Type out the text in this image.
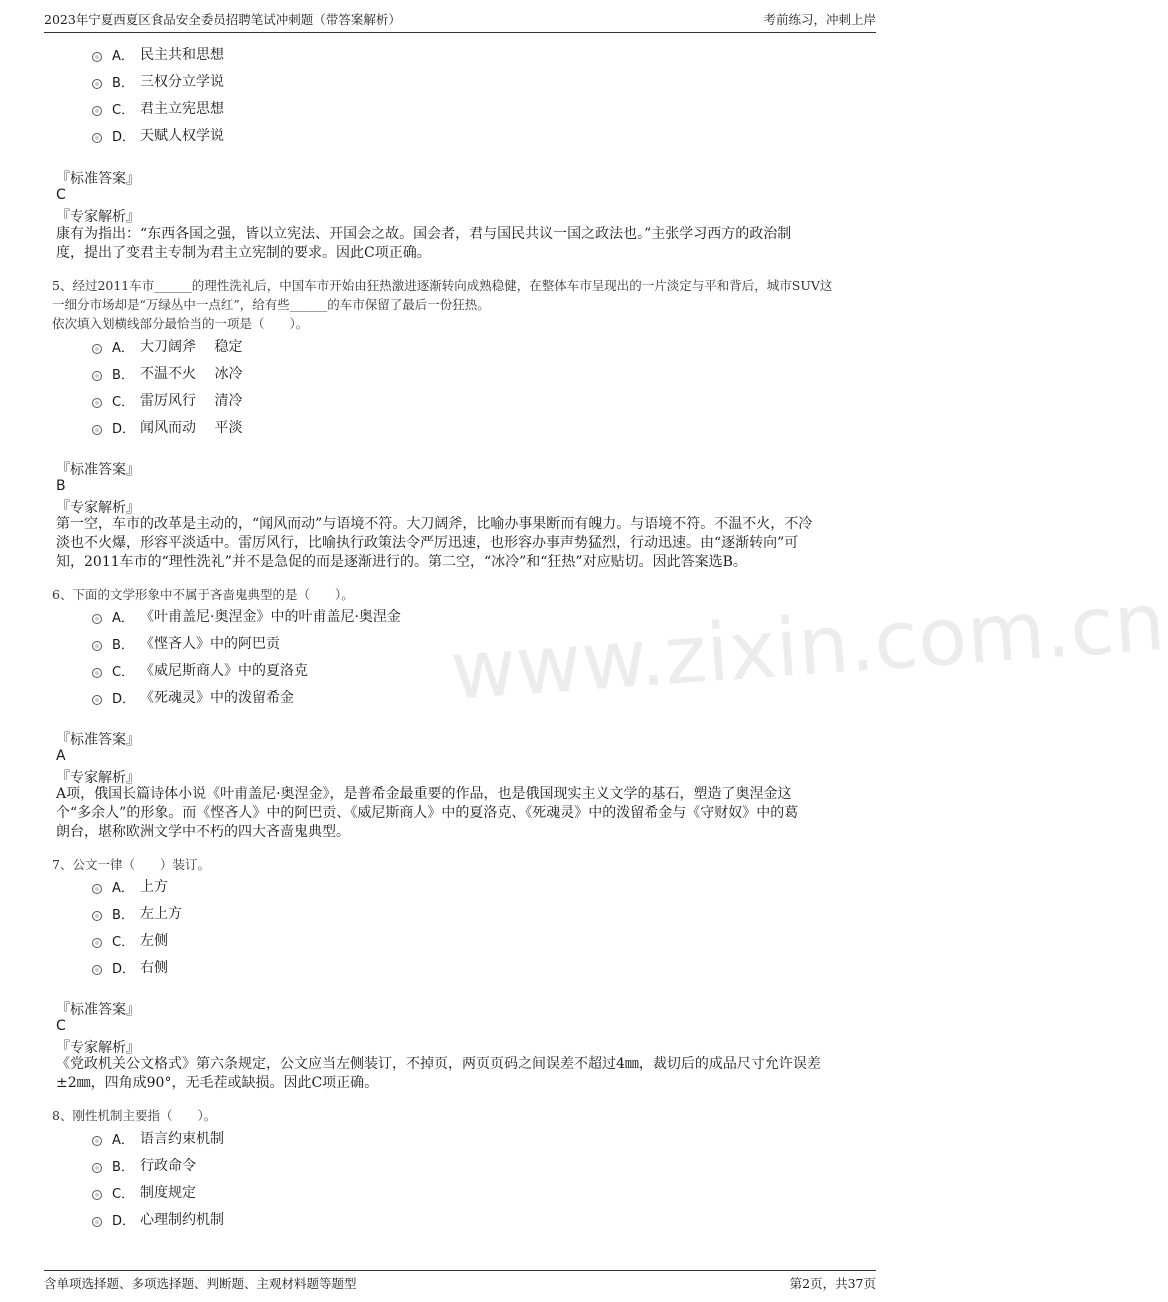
2023年宁夏西夏区食品安全委员招聘笔试冲刺题（带答案解析）	考前练习，冲刺上岸
www.zixin.com.cn
A． 民主共和思想
B． 三权分立学说
C． 君主立宪思想
D． 天赋人权学说
『标准答案』
C
『专家解析』
康有为指出：“东西各国之强，皆以立宪法、开国会之故。国会者，君与国民共议一国之政法也。”主张学习西方的政治制
度，提出了变君主专制为君主立宪制的要求。因此C项正确。
5、经过2011车市______的理性洗礼后，中国车市开始由狂热激进逐渐转向成熟稳健，在整体车市呈现出的一片淡定与平和背后，城市SUV这
一细分市场却是“万绿丛中一点红”，给有些______的车市保留了最后一份狂热。
依次填入划横线部分最恰当的一项是（　　）。
A． 大刀阔斧　 稳定
B． 不温不火　 冰冷
C． 雷厉风行　 清冷
D． 闻风而动　 平淡
『标准答案』
B
『专家解析』
第一空，车市的改革是主动的，“闻风而动”与语境不符。大刀阔斧，比喻办事果断而有魄力。与语境不符。不温不火，不冷
淡也不火爆，形容平淡适中。雷厉风行，比喻执行政策法令严厉迅速，也形容办事声势猛烈，行动迅速。由“逐渐转向”可
知，2011车市的“理性洗礼”并不是急促的而是逐渐进行的。第二空，“冰冷”和“狂热”对应贴切。因此答案选B。
6、下面的文学形象中不属于吝啬鬼典型的是（　　）。
A． 《叶甫盖尼·奥涅金》中的叶甫盖尼·奥涅金
B． 《悭吝人》中的阿巴贡
C． 《威尼斯商人》中的夏洛克
D． 《死魂灵》中的泼留希金
『标准答案』
A
『专家解析』
A项，俄国长篇诗体小说《叶甫盖尼·奥涅金》，是普希金最重要的作品，也是俄国现实主义文学的基石，塑造了奥涅金这
个“多余人”的形象。而《悭吝人》中的阿巴贡、《威尼斯商人》中的夏洛克、《死魂灵》中的泼留希金与《守财奴》中的葛
朗台，堪称欧洲文学中不朽的四大吝啬鬼典型。
7、公文一律（　　）装订。
A． 上方
B． 左上方
C． 左侧
D． 右侧
『标准答案』
C
『专家解析』
《党政机关公文格式》第六条规定，公文应当左侧装订，不掉页，两页页码之间误差不超过4㎜，裁切后的成品尺寸允许误差
±2㎜，四角成90°，无毛茬或缺损。因此C项正确。
8、刚性机制主要指（　　）。
A． 语言约束机制
B． 行政命令
C． 制度规定
D． 心理制约机制
含单项选择题、多项选择题、判断题、主观材料题等题型	第2页，共37页
